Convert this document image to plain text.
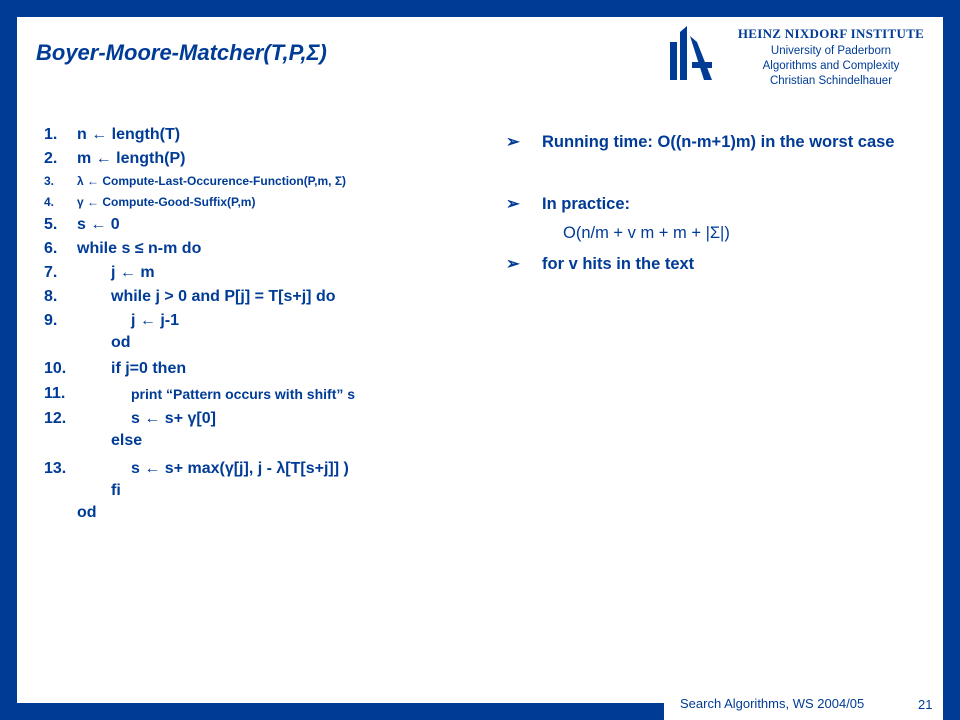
Boyer-Moore-Matcher(T,P,Σ)
HEINZ NIXDORF INSTITUTE
University of Paderborn
Algorithms and Complexity
Christian Schindelhauer
1. n ← length(T)
2. m ← length(P)
3. λ ← Compute-Last-Occurence-Function(P,m, Σ)
4. γ ← Compute-Good-Suffix(P,m)
5. s ← 0
6. while s ≤ n-m do
7.	j ← m
8.	while j > 0 and P[j] = T[s+j] do
9.	j ← j-1
od
10.	if j=0 then
11.	print “Pattern occurs with shift” s
12.	s ← s+ γ[0]
else
13.	s ← s+ max(γ[j], j - λ[T[s+j]] )
fi
od
➢ Running time: O((n-m+1)m) in the worst case
➢ In practice:
O(n/m + v m + m + |Σ|)
➢ for v hits in the text
Search Algorithms, WS 2004/05	21
